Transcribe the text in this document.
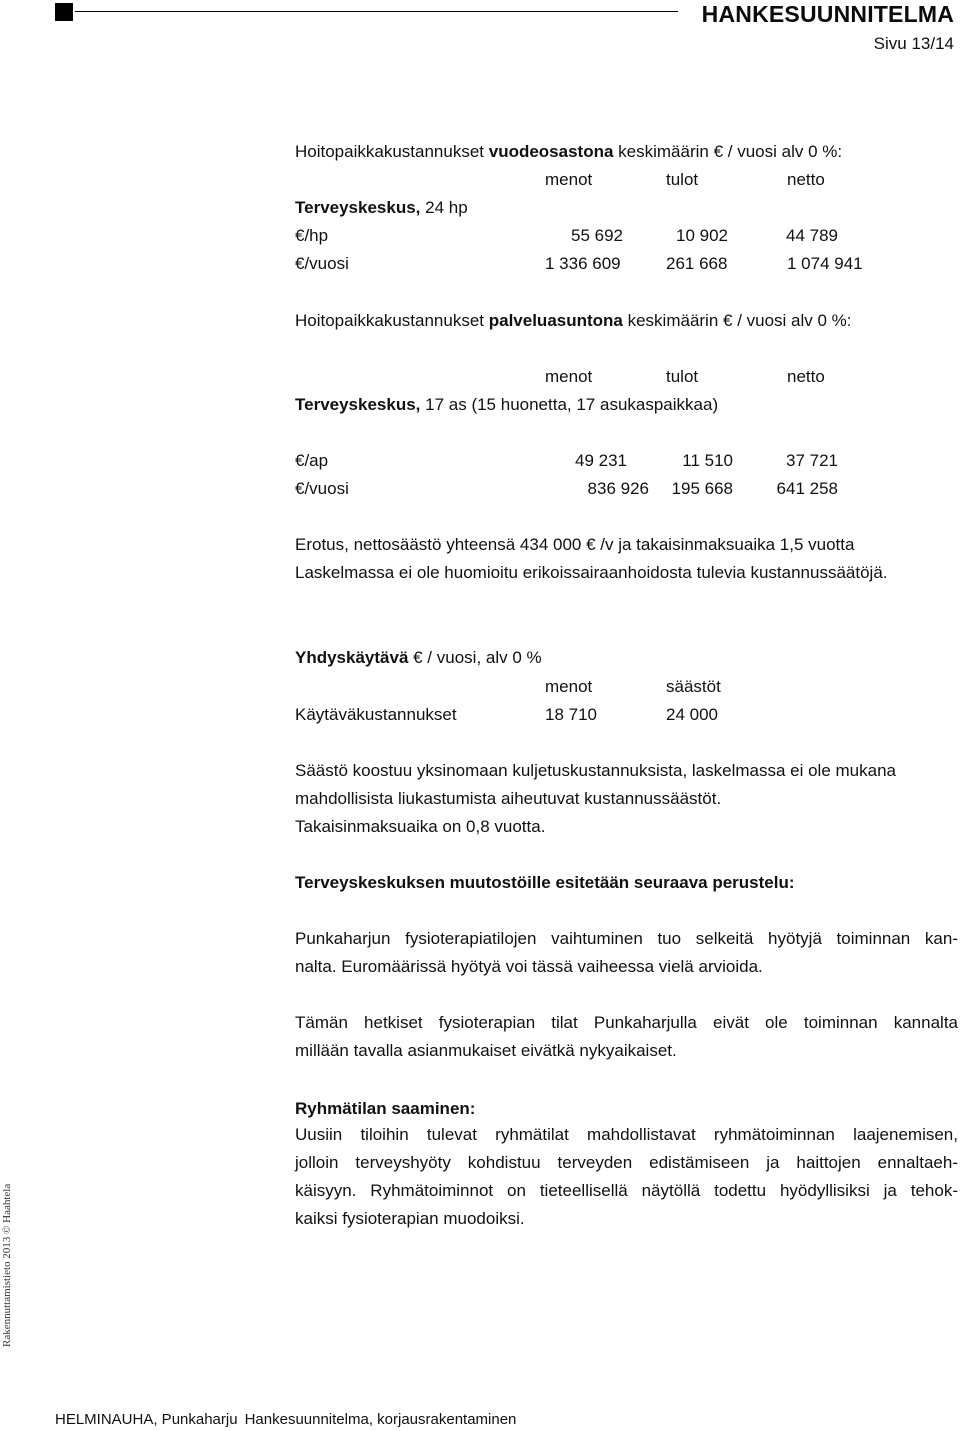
HANKESUUNNITELMA
Sivu 13/14
Hoitopaikkakustannukset vuodeosastona keskimäärin € / vuosi alv 0 %:
menot	tulot	netto
Terveyskeskus, 24 hp
€/hp	55 692	10 902	44 789
€/vuosi	1 336 609	261 668	1 074 941
Hoitopaikkakustannukset palveluasuntona keskimäärin € / vuosi alv 0 %:
menot	tulot	netto
Terveyskeskus, 17 as (15 huonetta, 17 asukaspaikkaa)
€/ap	49 231	11 510	37 721
€/vuosi	836 926	195 668	641 258
Erotus, nettosäästö yhteensä 434 000 € /v ja takaisinmaksuaika 1,5 vuotta
Laskelmassa ei ole huomioitu erikoissairaanhoidosta tulevia kustannussäätöjä.
Yhdyskäytävä € / vuosi, alv 0 %
menot	säästöt
Käytäväkustannukset	18 710	24 000
Säästö koostuu yksinomaan kuljetuskustannuksista, laskelmassa ei ole mukana
mahdollisista liukastumista aiheutuvat kustannussäästöt.
Takaisinmaksuaika on 0,8 vuotta.
Terveyskeskuksen muutostöille esitetään seuraava perustelu:
Punkaharjun fysioterapiatilojen vaihtuminen tuo selkeitä hyötyjä toiminnan kan-
nalta. Euromäärissä hyötyä voi tässä vaiheessa vielä arvioida.
Tämän hetkiset fysioterapian tilat Punkaharjulla eivät ole toiminnan kannalta
millään tavalla asianmukaiset eivätkä nykyaikaiset.
Ryhmätilan saaminen:
Uusiin tiloihin tulevat ryhmätilat mahdollistavat ryhmätoiminnan laajenemisen,
jolloin terveyshyöty kohdistuu terveyden edistämiseen ja haittojen ennaltaeh-
käisyyn. Ryhmätoiminnot on tieteellisellä näytöllä todettu hyödyllisiksi ja tehok-
kaiksi fysioterapian muodoiksi.
Rakennuttamistieto 2013 © Haahtela
HELMINAUHA, Punkaharju Hankesuunnitelma, korjausrakentaminen
